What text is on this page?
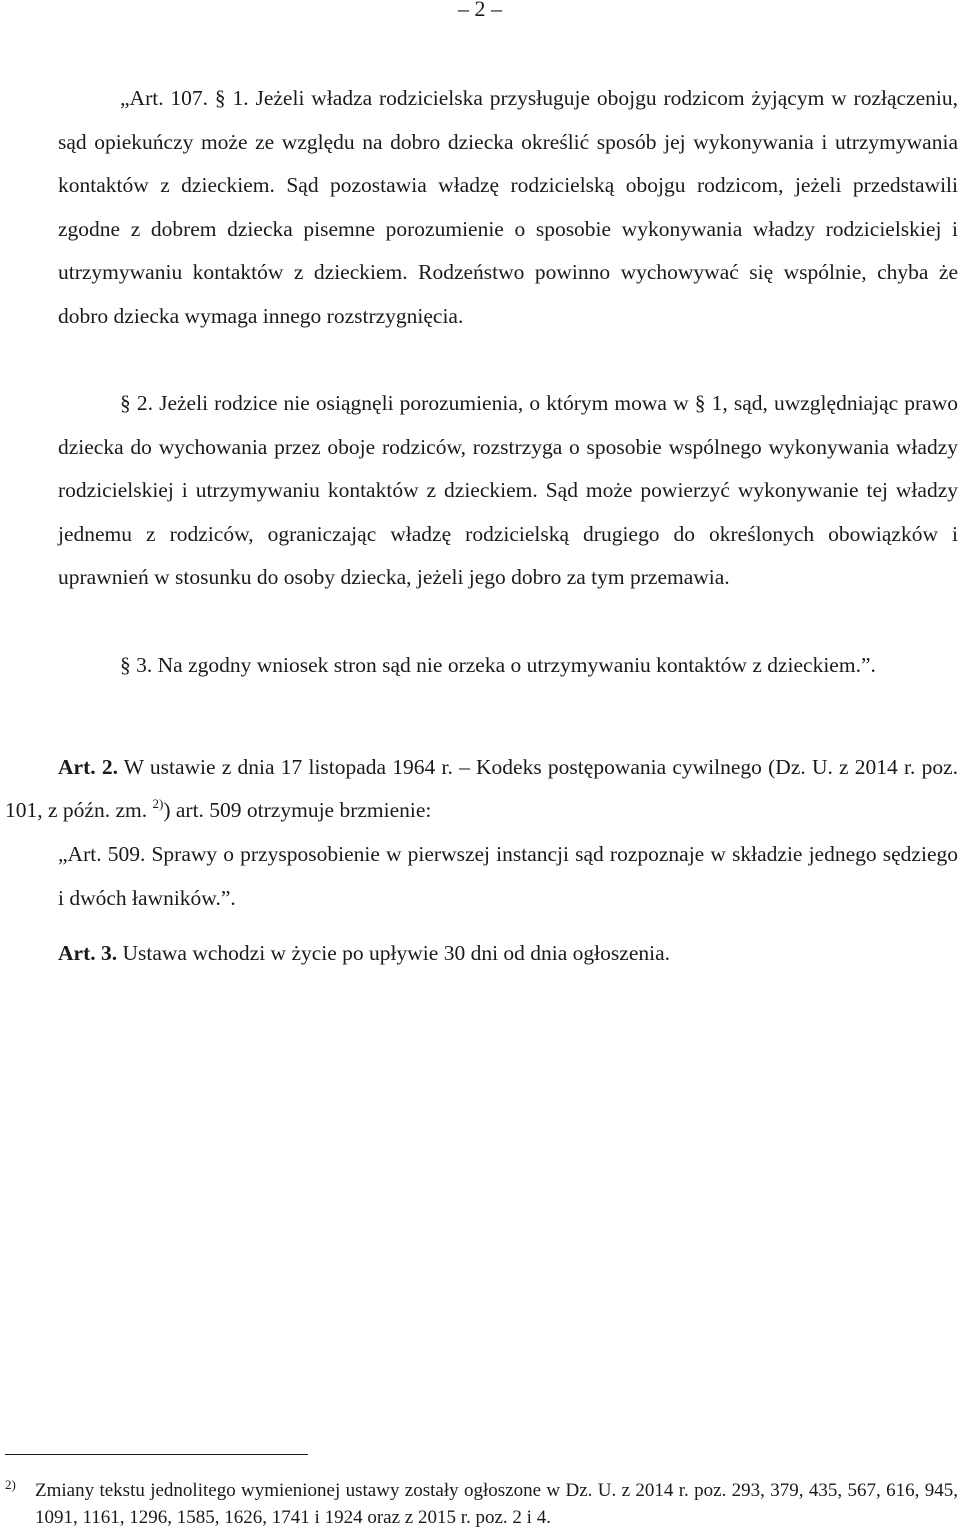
– 2 –

„Art. 107. § 1. Jeżeli władza rodzicielska przysługuje obojgu rodzicom żyjącym w rozłączeniu, sąd opiekuńczy może ze względu na dobro dziecka określić sposób jej wykonywania i utrzymywania kontaktów z dzieckiem. Sąd pozostawia władzę rodzicielską obojgu rodzicom, jeżeli przedstawili zgodne z dobrem dziecka pisemne porozumienie o sposobie wykonywania władzy rodzicielskiej i utrzymywaniu kontaktów z dzieckiem. Rodzeństwo powinno wychowywać się wspólnie, chyba że dobro dziecka wymaga innego rozstrzygnięcia.

§ 2. Jeżeli rodzice nie osiągnęli porozumienia, o którym mowa w § 1, sąd, uwzględniając prawo dziecka do wychowania przez oboje rodziców, rozstrzyga o sposobie wspólnego wykonywania władzy rodzicielskiej i utrzymywaniu kontaktów z dzieckiem. Sąd może powierzyć wykonywanie tej władzy jednemu z rodziców, ograniczając władzę rodzicielską drugiego do określonych obowiązków i uprawnień w stosunku do osoby dziecka, jeżeli jego dobro za tym przemawia.

§ 3. Na zgodny wniosek stron sąd nie orzeka o utrzymywaniu kontaktów z dzieckiem.”.

Art. 2. W ustawie z dnia 17 listopada 1964 r. – Kodeks postępowania cywilnego (Dz. U. z 2014 r. poz. 101, z późn. zm. $^{2)}$) art. 509 otrzymuje brzmienie:

„Art. 509. Sprawy o przysposobienie w pierwszej instancji sąd rozpoznaje w składzie jednego sędziego i dwóch ławników.”.

Art. 3. Ustawa wchodzi w życie po upływie 30 dni od dnia ogłoszenia.

2) Zmiany tekstu jednolitego wymienionej ustawy zostały ogłoszone w Dz. U. z 2014 r. poz. 293, 379, 435, 567, 616, 945, 1091, 1161, 1296, 1585, 1626, 1741 i 1924 oraz z 2015 r. poz. 2 i 4.
